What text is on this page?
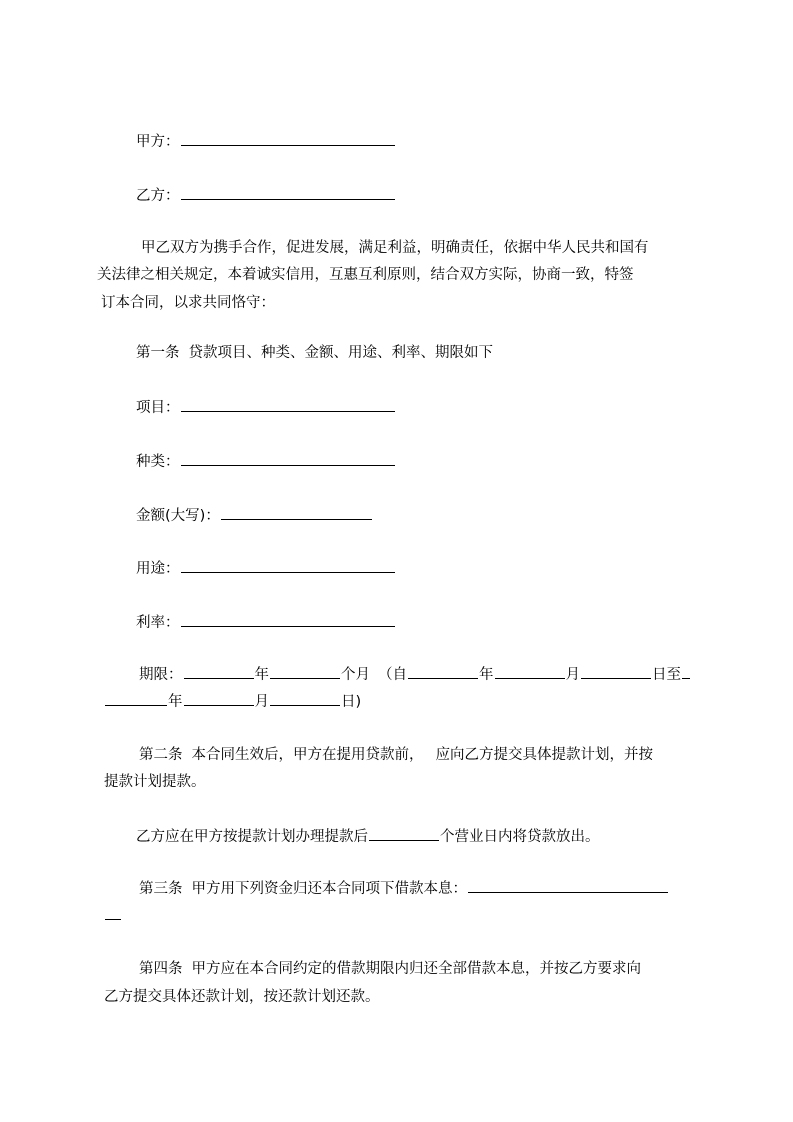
甲方：
乙方：
甲乙双方为携手合作，促进发展，满足利益，明确责任，依据中华人民共和国有
关法律之相关规定，本着诚实信用，互惠互利原则，结合双方实际，协商一致，特签
订本合同，以求共同恪守：
第一条 贷款项目、种类、金额、用途、利率、期限如下
项目：
种类：
金额(大写)：
用途：
利率：
期限：	年	个月 （自	年	月	日至
年	月	日)
第二条 本合同生效后，甲方在提用贷款前， 应向乙方提交具体提款计划，并按
提款计划提款。
乙方应在甲方按提款计划办理提款后	个营业日内将贷款放出。
第三条 甲方用下列资金归还本合同项下借款本息：
第四条 甲方应在本合同约定的借款期限内归还全部借款本息，并按乙方要求向
乙方提交具体还款计划，按还款计划还款。
